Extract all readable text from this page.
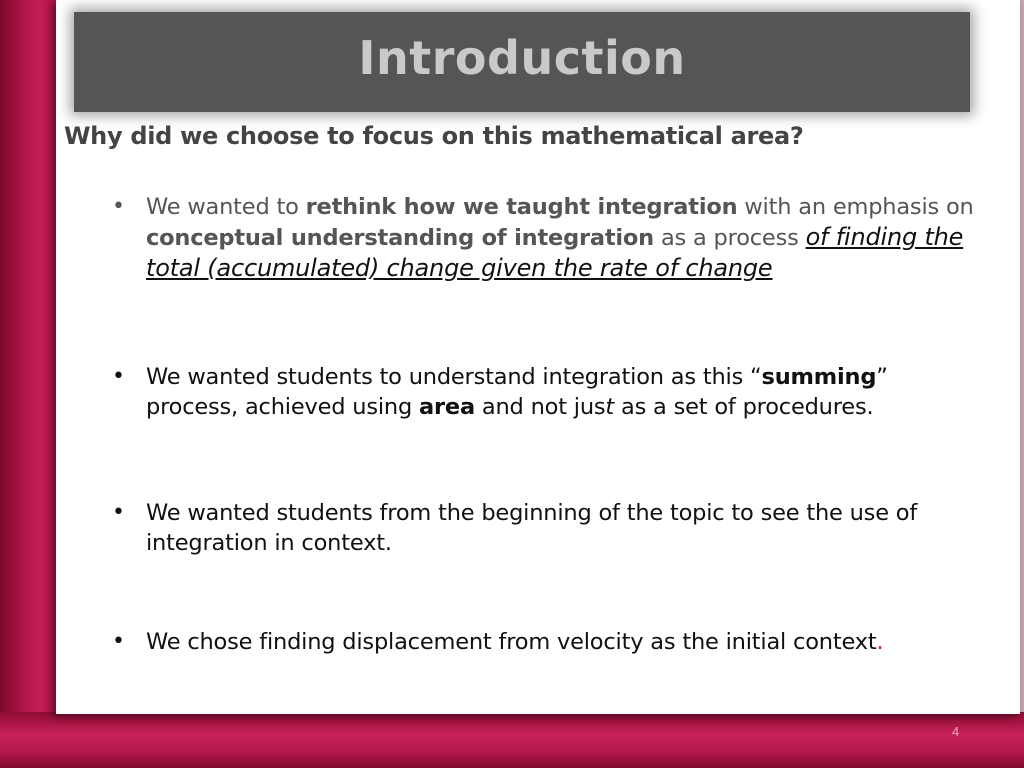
Introduction
Why did we choose to focus on this mathematical area?
• We wanted to rethink how we taught integration with an emphasis on conceptual understanding of integration as a process of finding the total (accumulated) change given the rate of change
• We wanted students to understand integration as this “summing” process, achieved using area and not just as a set of procedures.
• We wanted students from the beginning of the topic to see the use of integration in context.
• We chose finding displacement from velocity as the initial context.
4
